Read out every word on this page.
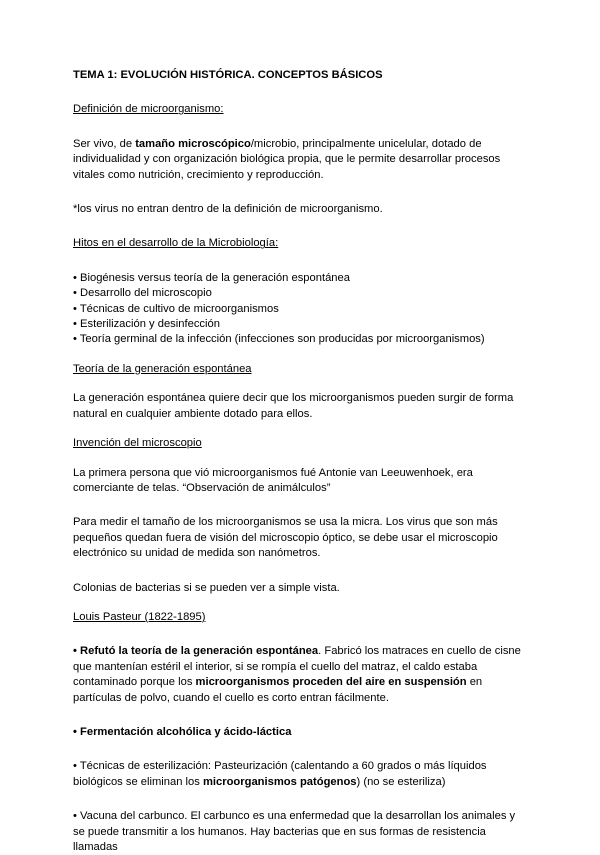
TEMA 1: EVOLUCIÓN HISTÓRICA. CONCEPTOS BÁSICOS

Definición de microorganismo:

Ser vivo, de tamaño microscópico/microbio, principalmente unicelular, dotado de individualidad y con organización biológica propia, que le permite desarrollar procesos vitales como nutrición, crecimiento y reproducción.

*los virus no entran dentro de la definición de microorganismo.

Hitos en el desarrollo de la Microbiología:

• Biogénesis versus teoría de la generación espontánea
• Desarrollo del microscopio
• Técnicas de cultivo de microorganismos
• Esterilización y desinfección
• Teoría germinal de la infección (infecciones son producidas por microorganismos)

Teoría de la generación espontánea

La generación espontánea quiere decir que los microorganismos pueden surgir de forma natural en cualquier ambiente dotado para ellos.

Invención del microscopio

La primera persona que vió microorganismos fué Antonie van Leeuwenhoek, era comerciante de telas. “Observación de animálculos”

Para medir el tamaño de los microorganismos se usa la micra. Los virus que son más pequeños quedan fuera de visión del microscopio óptico, se debe usar el microscopio electrónico su unidad de medida son nanómetros.

Colonias de bacterias si se pueden ver a simple vista.

Louis Pasteur (1822-1895)

• Refutó la teoría de la generación espontánea. Fabricó los matraces en cuello de cisne que mantenían estéril el interior, si se rompía el cuello del matraz, el caldo estaba contaminado porque los microorganismos proceden del aire en suspensión en partículas de polvo, cuando el cuello es corto entran fácilmente.

• Fermentación alcohólica y ácido-láctica

• Técnicas de esterilización: Pasteurización (calentando a 60 grados o más líquidos biológicos se eliminan los microorganismos patógenos) (no se esteriliza)

• Vacuna del carbunco. El carbunco es una enfermedad que la desarrollan los animales y se puede transmitir a los humanos. Hay bacterias que en sus formas de resistencia llamadas
